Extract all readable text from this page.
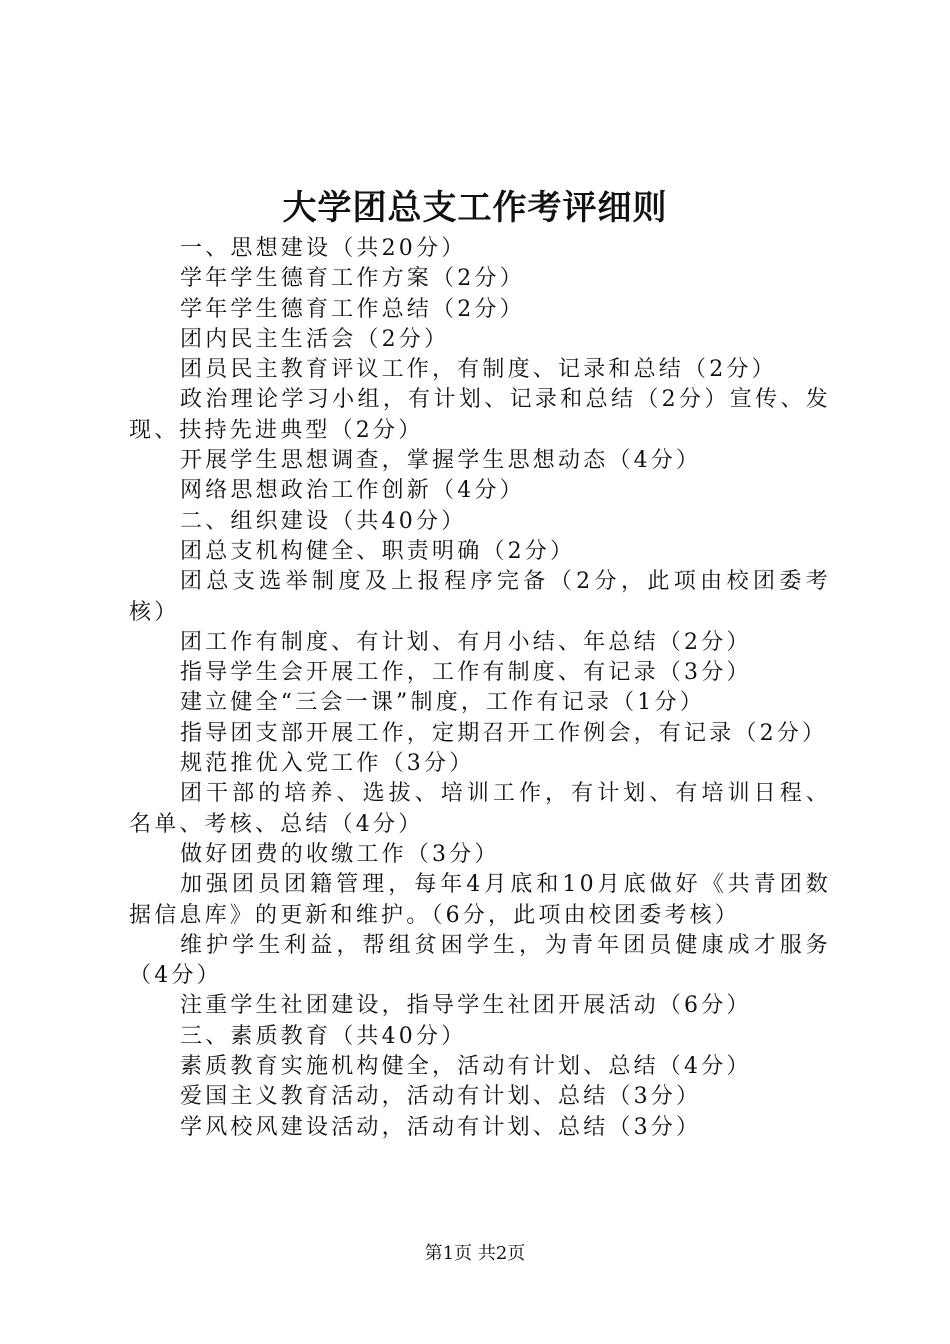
大学团总支工作考评细则

一、思想建设（共20分）

学年学生德育工作方案（2分）

学年学生德育工作总结（2分）

团内民主生活会（2分）

团员民主教育评议工作，有制度、记录和总结（2分）

政治理论学习小组，有计划、记录和总结（2分）宣传、发现、扶持先进典型（2分）

开展学生思想调查，掌握学生思想动态（4分）

网络思想政治工作创新（4分）

二、组织建设（共40分）

团总支机构健全、职责明确（2分）

团总支选举制度及上报程序完备（2分，此项由校团委考核）

团工作有制度、有计划、有月小结、年总结（2分）

指导学生会开展工作，工作有制度、有记录（3分）

建立健全“三会一课”制度，工作有记录（1分）

指导团支部开展工作，定期召开工作例会，有记录（2分）

规范推优入党工作（3分）

团干部的培养、选拔、培训工作，有计划、有培训日程、名单、考核、总结（4分）

做好团费的收缴工作（3分）

加强团员团籍管理，每年4月底和10月底做好《共青团数据信息库》的更新和维护。（6分，此项由校团委考核）

维护学生利益，帮组贫困学生，为青年团员健康成才服务（4分）

注重学生社团建设，指导学生社团开展活动（6分）

三、素质教育（共40分）

素质教育实施机构健全，活动有计划、总结（4分）

爱国主义教育活动，活动有计划、总结（3分）

学风校风建设活动，活动有计划、总结（3分）

第1页 共2页
